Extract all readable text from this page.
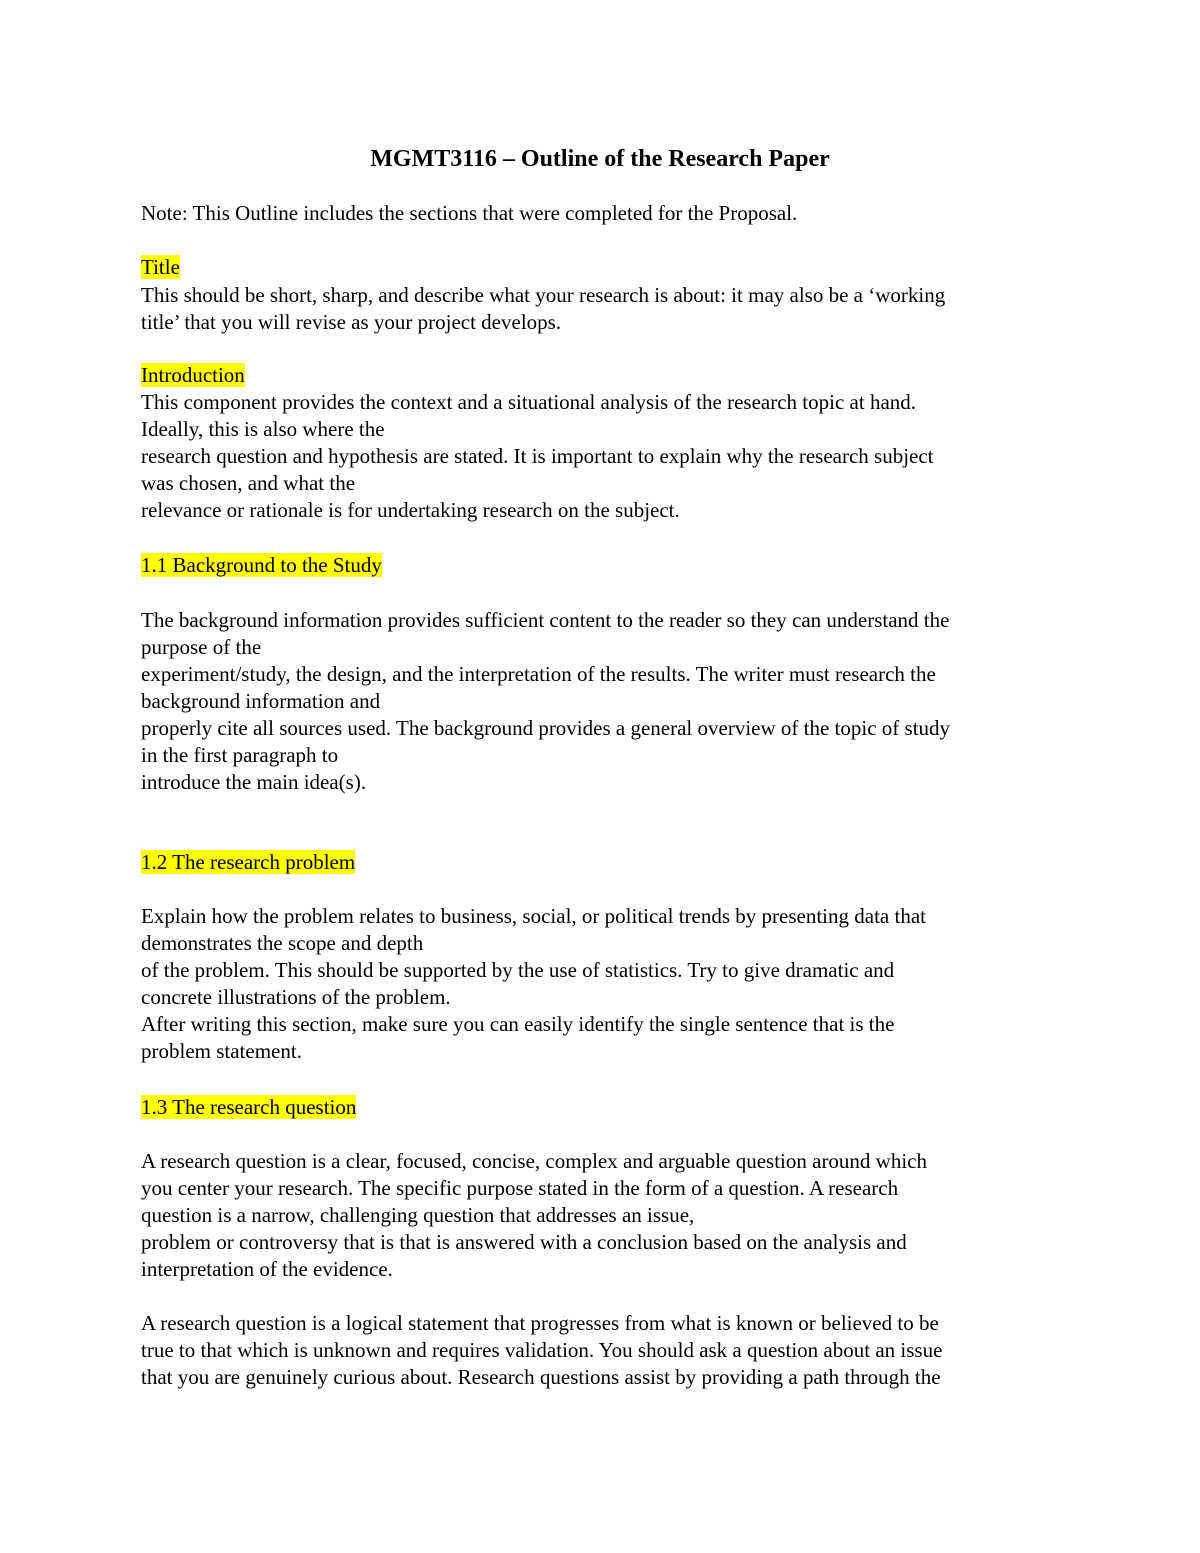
MGMT3116 – Outline of the Research Paper

Note: This Outline includes the sections that were completed for the Proposal.

Title
This should be short, sharp, and describe what your research is about: it may also be a ‘working
title’ that you will revise as your project develops.
Introduction
This component provides the context and a situational analysis of the research topic at hand.
Ideally, this is also where the
research question and hypothesis are stated. It is important to explain why the research subject
was chosen, and what the
relevance or rationale is for undertaking research on the subject.
1.1 Background to the Study
The background information provides sufficient content to the reader so they can understand the
purpose of the
experiment/study, the design, and the interpretation of the results. The writer must research the
background information and
properly cite all sources used. The background provides a general overview of the topic of study
in the first paragraph to
introduce the main idea(s).
1.2 The research problem
Explain how the problem relates to business, social, or political trends by presenting data that
demonstrates the scope and depth
of the problem. This should be supported by the use of statistics. Try to give dramatic and
concrete illustrations of the problem.
After writing this section, make sure you can easily identify the single sentence that is the
problem statement.
1.3 The research question
A research question is a clear, focused, concise, complex and arguable question around which
you center your research. The specific purpose stated in the form of a question. A research
question is a narrow, challenging question that addresses an issue,
problem or controversy that is that is answered with a conclusion based on the analysis and
interpretation of the evidence.
A research question is a logical statement that progresses from what is known or believed to be
true to that which is unknown and requires validation. You should ask a question about an issue
that you are genuinely curious about. Research questions assist by providing a path through the
